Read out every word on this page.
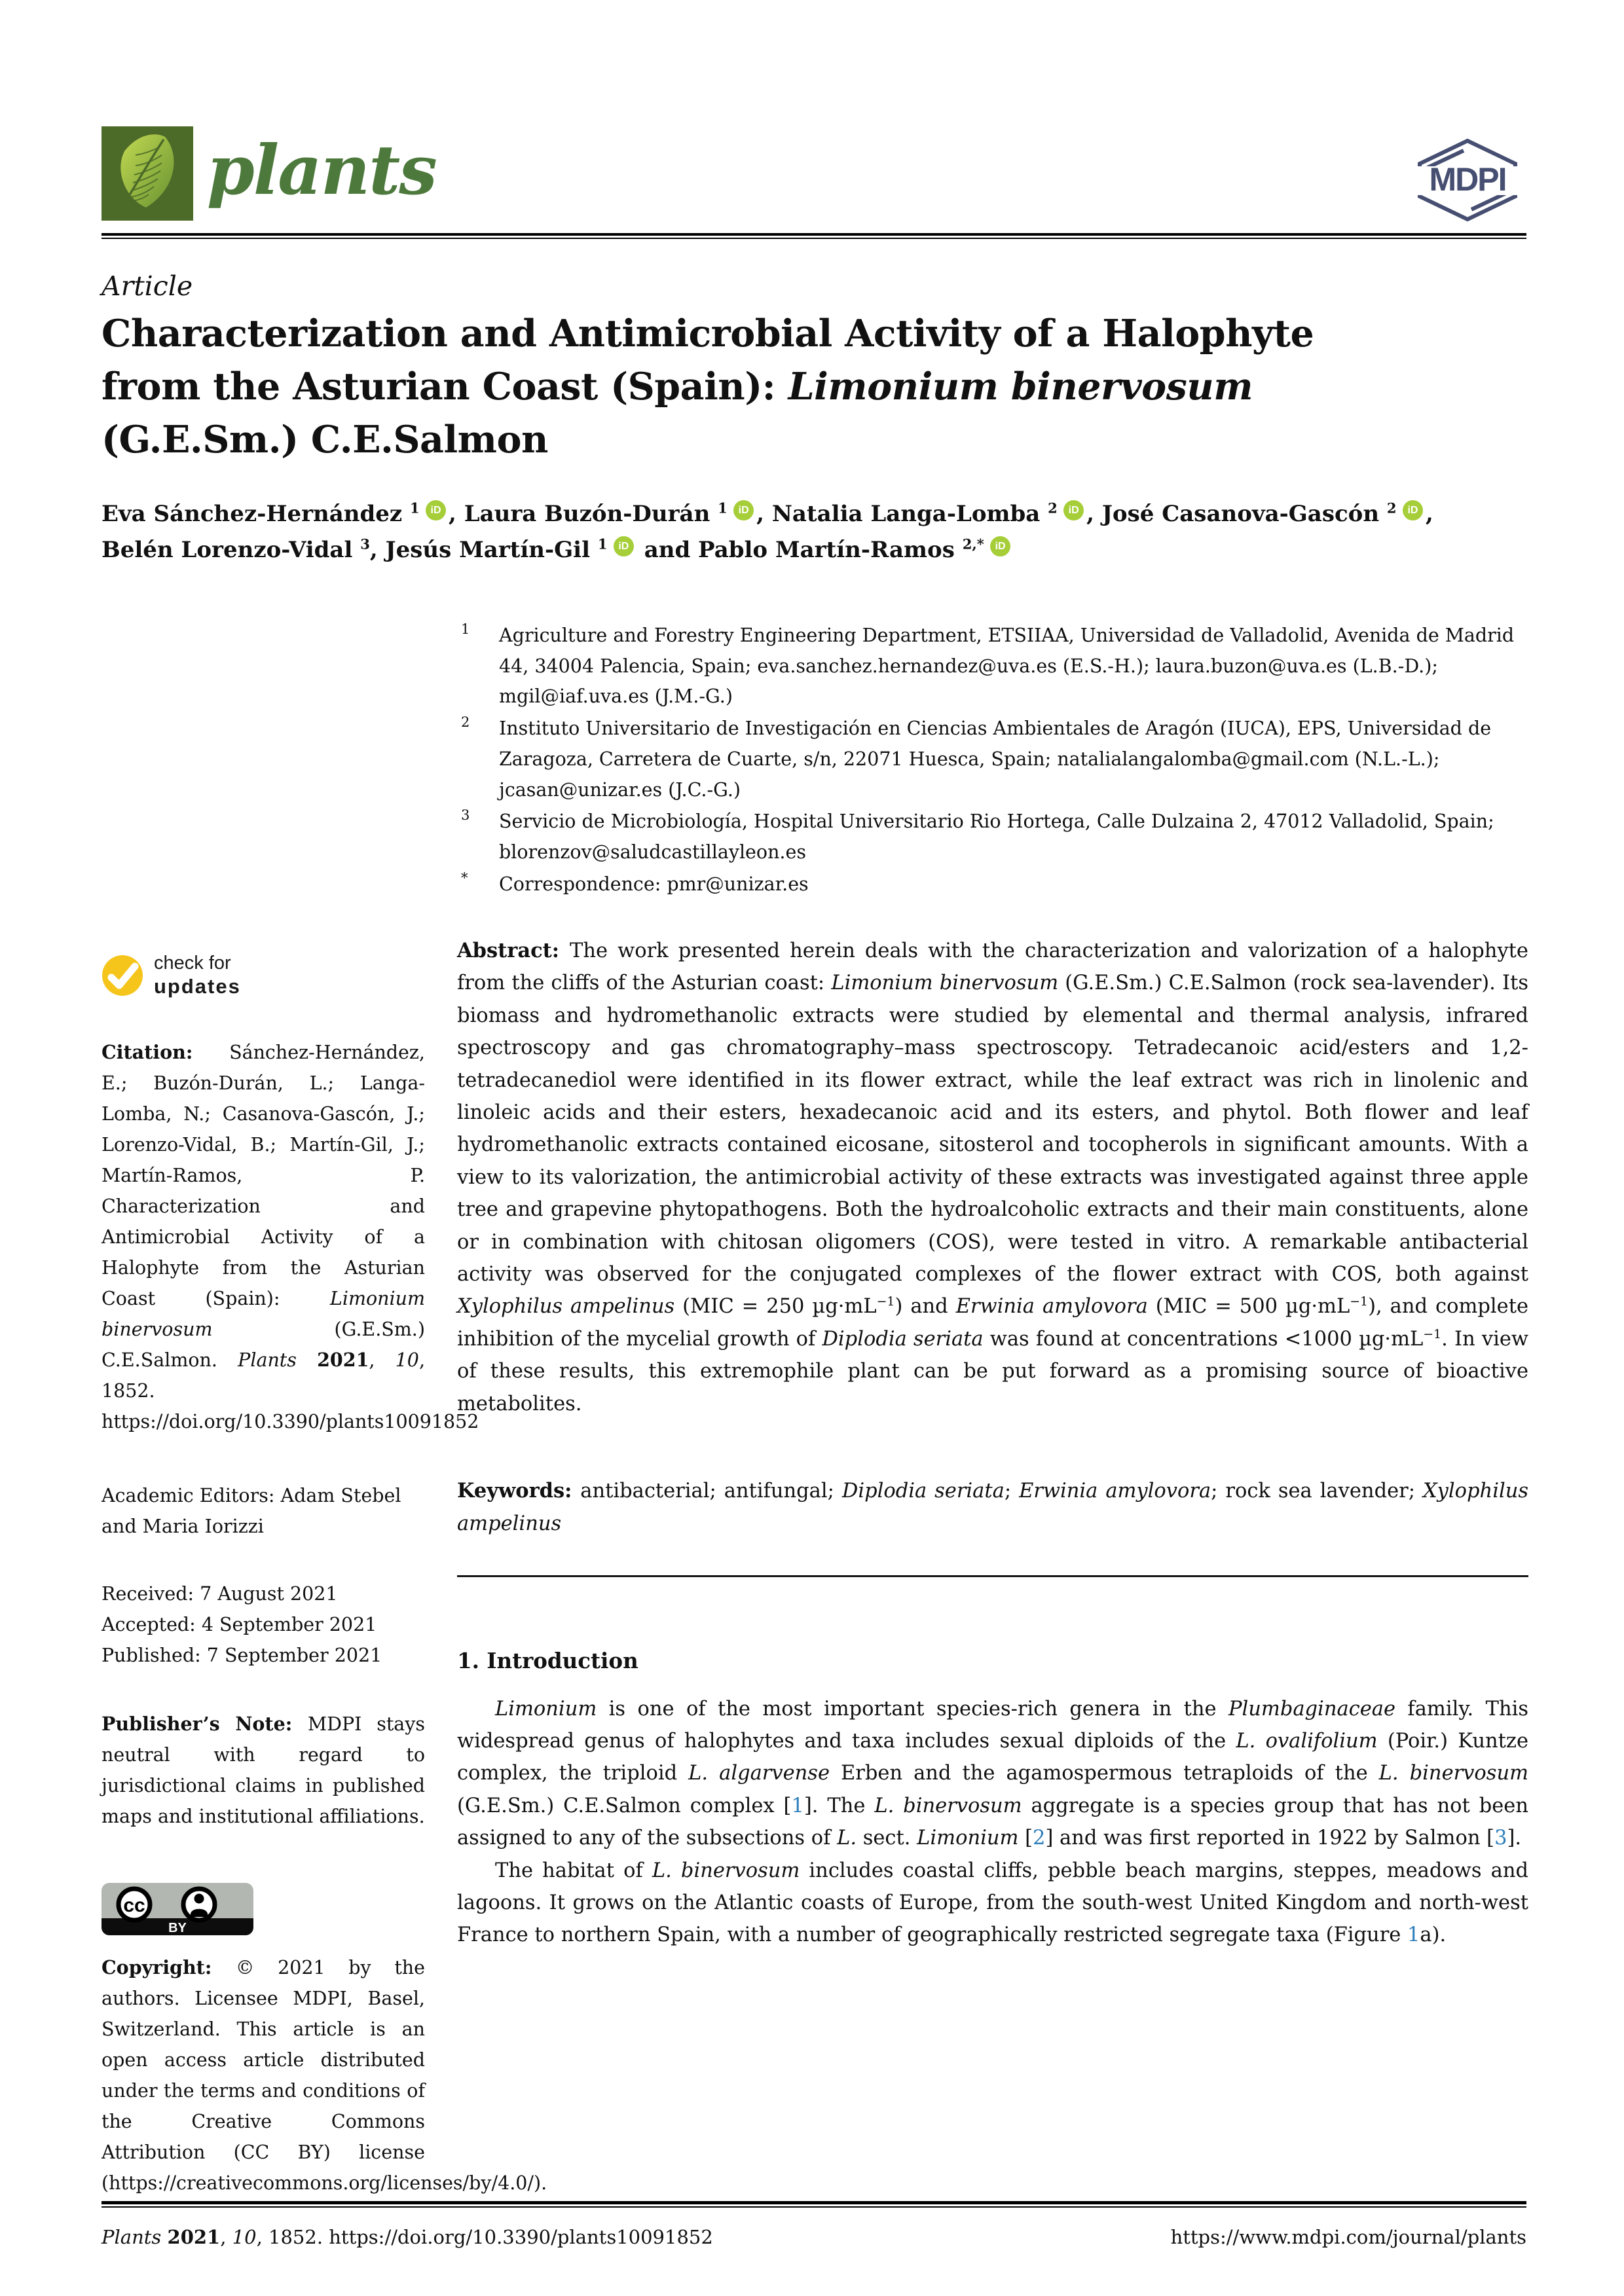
plants	MDPI
Article
Characterization and Antimicrobial Activity of a Halophyte
from the Asturian Coast (Spain): Limonium binervosum
(G.E.Sm.) C.E.Salmon
Eva Sánchez-Hernández $^1$ iD , Laura Buzón-Durán $^1$ iD , Natalia Langa-Lomba $^2$ iD , José Casanova-Gascón $^2$ iD ,
Belén Lorenzo-Vidal $^3$, Jesús Martín-Gil $^1$ iD and Pablo Martín-Ramos $^{2,*}$ iD
1 Agriculture and Forestry Engineering Department, ETSIIAA, Universidad de Valladolid, Avenida de Madrid 44, 34004 Palencia, Spain; eva.sanchez.hernandez@uva.es (E.S.-H.); laura.buzon@uva.es (L.B.-D.); mgil@iaf.uva.es (J.M.-G.)
2 Instituto Universitario de Investigación en Ciencias Ambientales de Aragón (IUCA), EPS, Universidad de Zaragoza, Carretera de Cuarte, s/n, 22071 Huesca, Spain; natalialangalomba@gmail.com (N.L.-L.); jcasan@unizar.es (J.C.-G.)
3 Servicio de Microbiología, Hospital Universitario Rio Hortega, Calle Dulzaina 2, 47012 Valladolid, Spain; blorenzov@saludcastillayleon.es
* Correspondence: pmr@unizar.es
check for
updates

Citation: Sánchez-Hernández, E.; Buzón-Durán, L.; Langa-Lomba, N.; Casanova-Gascón, J.; Lorenzo-Vidal, B.; Martín-Gil, J.; Martín-Ramos, P. Characterization and Antimicrobial Activity of a Halophyte from the Asturian Coast (Spain): Limonium binervosum (G.E.Sm.) C.E.Salmon. Plants 2021, 10, 1852. https://doi.org/10.3390/plants10091852

Academic Editors: Adam Stebel and Maria Iorizzi

Received: 7 August 2021
Accepted: 4 September 2021
Published: 7 September 2021

Publisher’s Note: MDPI stays neutral with regard to jurisdictional claims in published maps and institutional affiliations.

cc
BY

Copyright: © 2021 by the authors. Licensee MDPI, Basel, Switzerland. This article is an open access article distributed under the terms and conditions of the Creative Commons Attribution (CC BY) license (https://creativecommons.org/licenses/by/4.0/).

Abstract: The work presented herein deals with the characterization and valorization of a halophyte from the cliffs of the Asturian coast: Limonium binervosum (G.E.Sm.) C.E.Salmon (rock sea-lavender). Its biomass and hydromethanolic extracts were studied by elemental and thermal analysis, infrared spectroscopy and gas chromatography–mass spectroscopy. Tetradecanoic acid/esters and 1,2-tetradecanediol were identified in its flower extract, while the leaf extract was rich in linolenic and linoleic acids and their esters, hexadecanoic acid and its esters, and phytol. Both flower and leaf hydromethanolic extracts contained eicosane, sitosterol and tocopherols in significant amounts. With a view to its valorization, the antimicrobial activity of these extracts was investigated against three apple tree and grapevine phytopathogens. Both the hydroalcoholic extracts and their main constituents, alone or in combination with chitosan oligomers (COS), were tested in vitro. A remarkable antibacterial activity was observed for the conjugated complexes of the flower extract with COS, both against Xylophilus ampelinus (MIC = 250 $\mu g\cdot mL^{-1}$) and Erwinia amylovora (MIC = 500 $\mu g\cdot mL^{-1}$), and complete inhibition of the mycelial growth of Diplodia seriata was found at concentrations <1000 $\mu g\cdot mL^{-1}$. In view of these results, this extremophile plant can be put forward as a promising source of bioactive metabolites.

Keywords: antibacterial; antifungal; Diplodia seriata; Erwinia amylovora; rock sea lavender; Xylophilus ampelinus

1. Introduction

Limonium is one of the most important species-rich genera in the Plumbaginaceae family. This widespread genus of halophytes and taxa includes sexual diploids of the L. ovalifolium (Poir.) Kuntze complex, the triploid L. algarvense Erben and the agamospermous tetraploids of the L. binervosum (G.E.Sm.) C.E.Salmon complex [1]. The L. binervosum aggregate is a species group that has not been assigned to any of the subsections of L. sect. Limonium [2] and was first reported in 1922 by Salmon [3].

The habitat of L. binervosum includes coastal cliffs, pebble beach margins, steppes, meadows and lagoons. It grows on the Atlantic coasts of Europe, from the south-west United Kingdom and north-west France to northern Spain, with a number of geographically restricted segregate taxa (Figure 1a).

Plants 2021, 10, 1852. https://doi.org/10.3390/plants10091852	https://www.mdpi.com/journal/plants
